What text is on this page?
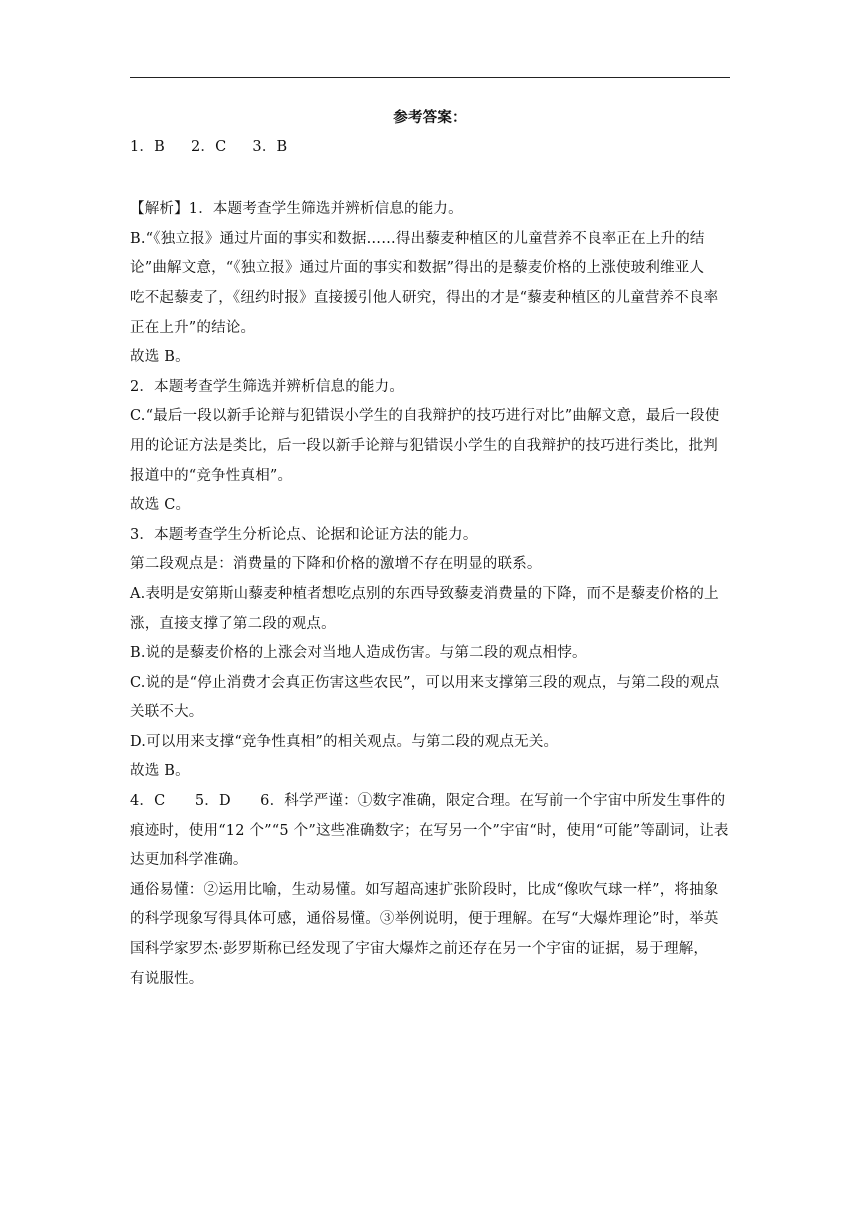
参考答案：

1．B 2．C 3．B

【解析】1．本题考查学生筛选并辨析信息的能力。

B.“《独立报》通过片面的事实和数据……得出藜麦种植区的儿童营养不良率正在上升的结

论”曲解文意，“《独立报》通过片面的事实和数据”得出的是藜麦价格的上涨使玻利维亚人

吃不起藜麦了，《纽约时报》直接援引他人研究，得出的才是“藜麦种植区的儿童营养不良率

正在上升”的结论。

故选 B。

2．本题考查学生筛选并辨析信息的能力。

C.“最后一段以新手论辩与犯错误小学生的自我辩护的技巧进行对比”曲解文意，最后一段使

用的论证方法是类比，后一段以新手论辩与犯错误小学生的自我辩护的技巧进行类比，批判

报道中的“竞争性真相”。

故选 C。

3．本题考查学生分析论点、论据和论证方法的能力。

第二段观点是：消费量的下降和价格的激增不存在明显的联系。

A.表明是安第斯山藜麦种植者想吃点别的东西导致藜麦消费量的下降，而不是藜麦价格的上

涨，直接支撑了第二段的观点。

B.说的是藜麦价格的上涨会对当地人造成伤害。与第二段的观点相悖。

C.说的是“停止消费才会真正伤害这些农民”，可以用来支撑第三段的观点，与第二段的观点

关联不大。

D.可以用来支撑“竞争性真相”的相关观点。与第二段的观点无关。

故选 B。

4．C　　5．D　　6．科学严谨：①数字准确，限定合理。在写前一个宇宙中所发生事件的

痕迹时，使用“12 个”“5 个”这些准确数字；在写另一个”宇宙“时，使用“可能”等副词，让表

达更加科学准确。

通俗易懂：②运用比喻，生动易懂。如写超高速扩张阶段时，比成“像吹气球一样”，将抽象

的科学现象写得具体可感，通俗易懂。③举例说明，便于理解。在写“大爆炸理论”时，举英

国科学家罗杰·彭罗斯称已经发现了宇宙大爆炸之前还存在另一个宇宙的证据，易于理解，

有说服性。
